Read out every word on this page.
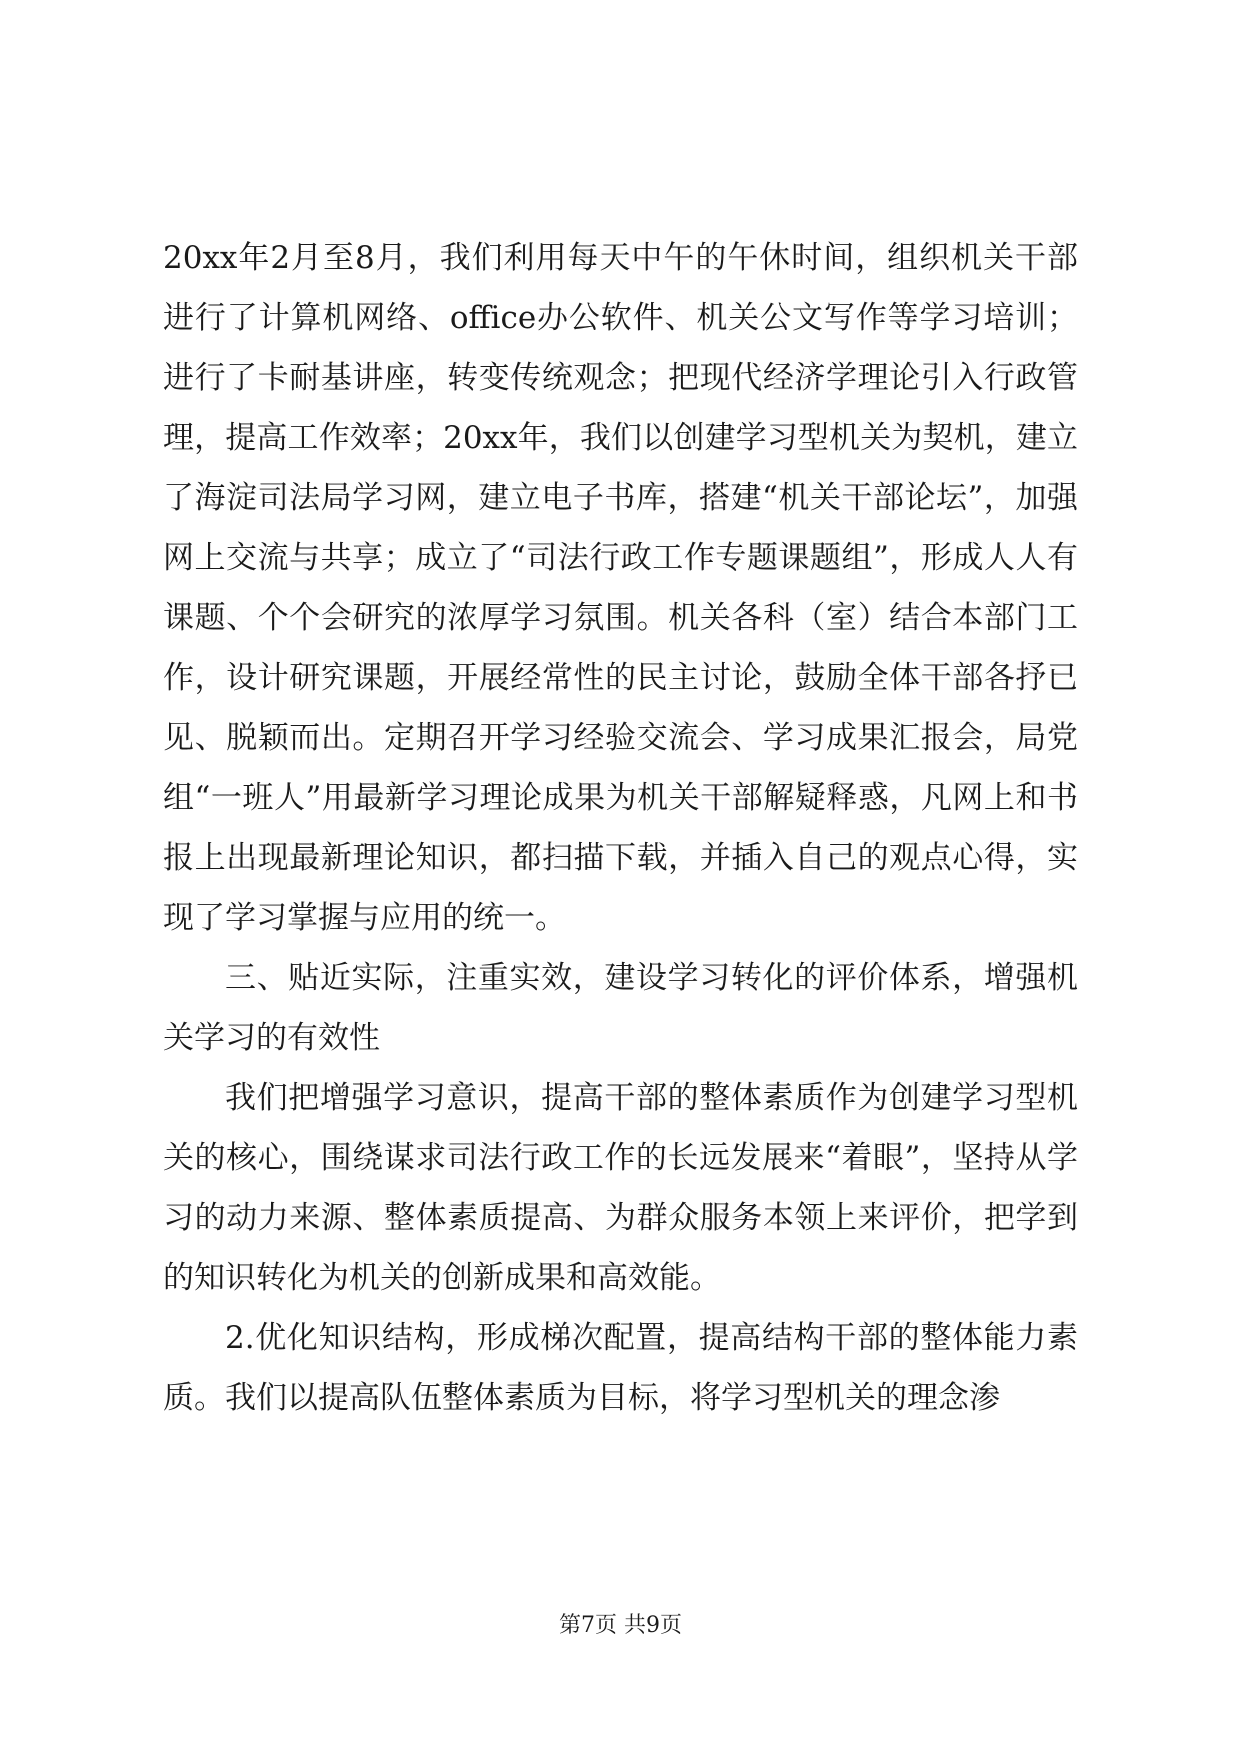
20xx年2月至8月，我们利用每天中午的午休时间，组织机关干部进行了计算机网络、office办公软件、机关公文写作等学习培训；进行了卡耐基讲座，转变传统观念；把现代经济学理论引入行政管理，提高工作效率；20xx年，我们以创建学习型机关为契机，建立了海淀司法局学习网，建立电子书库，搭建“机关干部论坛”，加强网上交流与共享；成立了“司法行政工作专题课题组”，形成人人有课题、个个会研究的浓厚学习氛围。机关各科（室）结合本部门工作，设计研究课题，开展经常性的民主讨论，鼓励全体干部各抒已见、脱颖而出。定期召开学习经验交流会、学习成果汇报会，局党组“一班人”用最新学习理论成果为机关干部解疑释惑，凡网上和书报上出现最新理论知识，都扫描下载，并插入自己的观点心得，实现了学习掌握与应用的统一。

三、贴近实际，注重实效，建设学习转化的评价体系，增强机关学习的有效性

我们把增强学习意识，提高干部的整体素质作为创建学习型机关的核心，围绕谋求司法行政工作的长远发展来“着眼”，坚持从学习的动力来源、整体素质提高、为群众服务本领上来评价，把学到的知识转化为机关的创新成果和高效能。

2.优化知识结构，形成梯次配置，提高结构干部的整体能力素质。我们以提高队伍整体素质为目标，将学习型机关的理念渗

第7页 共9页
